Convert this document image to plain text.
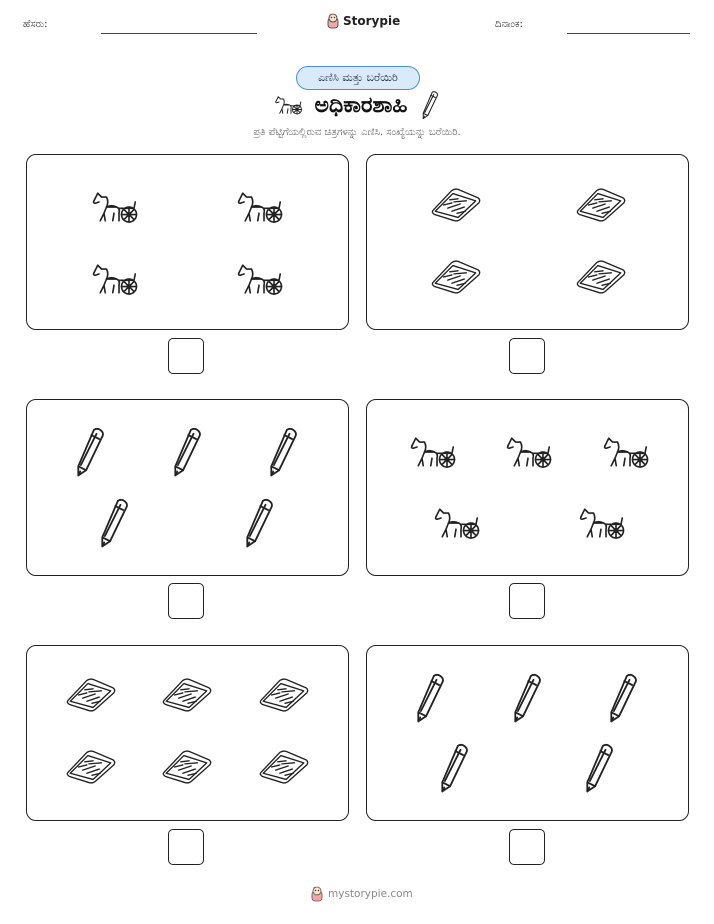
ಹೆಸರು:	Storypie	ದಿನಾಂಕ:
ಎಣಿಸಿ ಮತ್ತು ಬರೆಯಿರಿ
ಅಧಿಕಾರಶಾಹಿ
ಪ್ರತಿ ಪೆಟ್ಟಿಗೆಯಲ್ಲಿರುವ ಚಿತ್ರಗಳನ್ನು ಎಣಿಸಿ. ಸಂಖ್ಯೆಯನ್ನು ಬರೆಯಿರಿ.
mystorypie.com
